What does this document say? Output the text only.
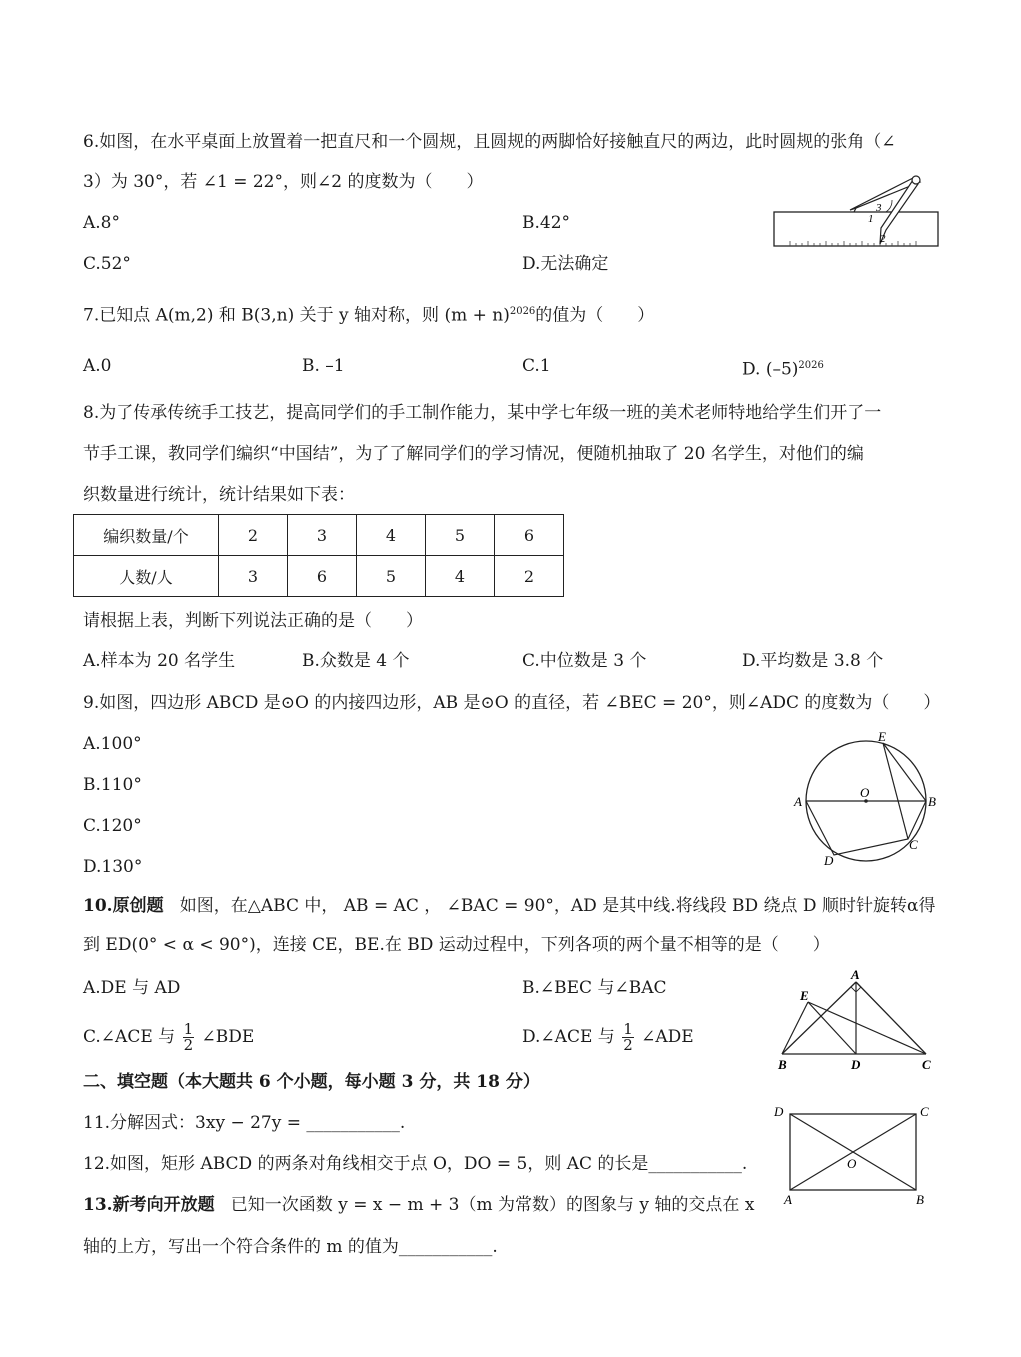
6.如图，在水平桌面上放置着一把直尺和一个圆规，且圆规的两脚恰好接触直尺的两边，此时圆规的张角（∠
3）为 30°，若 ∠1 = 22°，则∠2 的度数为（　　）
A.8°	B.42°
C.52°	D.无法确定
3
1
2
7.已知点 A(m,2) 和 B(3,n) 关于 y 轴对称，则 $(m + n)^{2026}$的值为（　　）
A.0	B. –1	C.1	D. $(-5)^{2026}$
8.为了传承传统手工技艺，提高同学们的手工制作能力，某中学七年级一班的美术老师特地给学生们开了一
节手工课，教同学们编织“中国结”，为了了解同学们的学习情况，便随机抽取了 20 名学生，对他们的编
织数量进行统计，统计结果如下表：
编织数量/个	2	3	4	5	6
人数/人	3	6	5	4	2
请根据上表，判断下列说法正确的是（　　）
A.样本为 20 名学生	B.众数是 4 个	C.中位数是 3 个	D.平均数是 3.8 个
9.如图，四边形 ABCD 是⊙O 的内接四边形，AB 是⊙O 的直径，若 ∠BEC = 20°，则∠ADC 的度数为（　　）
A.100°
B.110°
C.120°
D.130°
E
O
A	B
C
D
10.原创题 如图，在△ABC 中， AB = AC ， ∠BAC = 90°，AD 是其中线.将线段 BD 绕点 D 顺时针旋转α得
到 ED(0° < α < 90°)，连接 CE，BE.在 BD 运动过程中，下列各项的两个量不相等的是（　　）
A.DE 与 AD	B.∠BEC 与∠BAC
C.∠ACE 与 $\frac{1}{2}$ ∠BDE	D.∠ACE 与 $\frac{1}{2}$ ∠ADE
A
E
B	D	C
二、填空题（本大题共 6 个小题，每小题 3 分，共 18 分）
11.分解因式：3xy − 27y = ___________.
12.如图，矩形 ABCD 的两条对角线相交于点 O，DO = 5，则 AC 的长是___________.
D	C
O
A	B
13.新考向开放题 已知一次函数 y = x − m + 3（m 为常数）的图象与 y 轴的交点在 x
轴的上方，写出一个符合条件的 m 的值为___________.
